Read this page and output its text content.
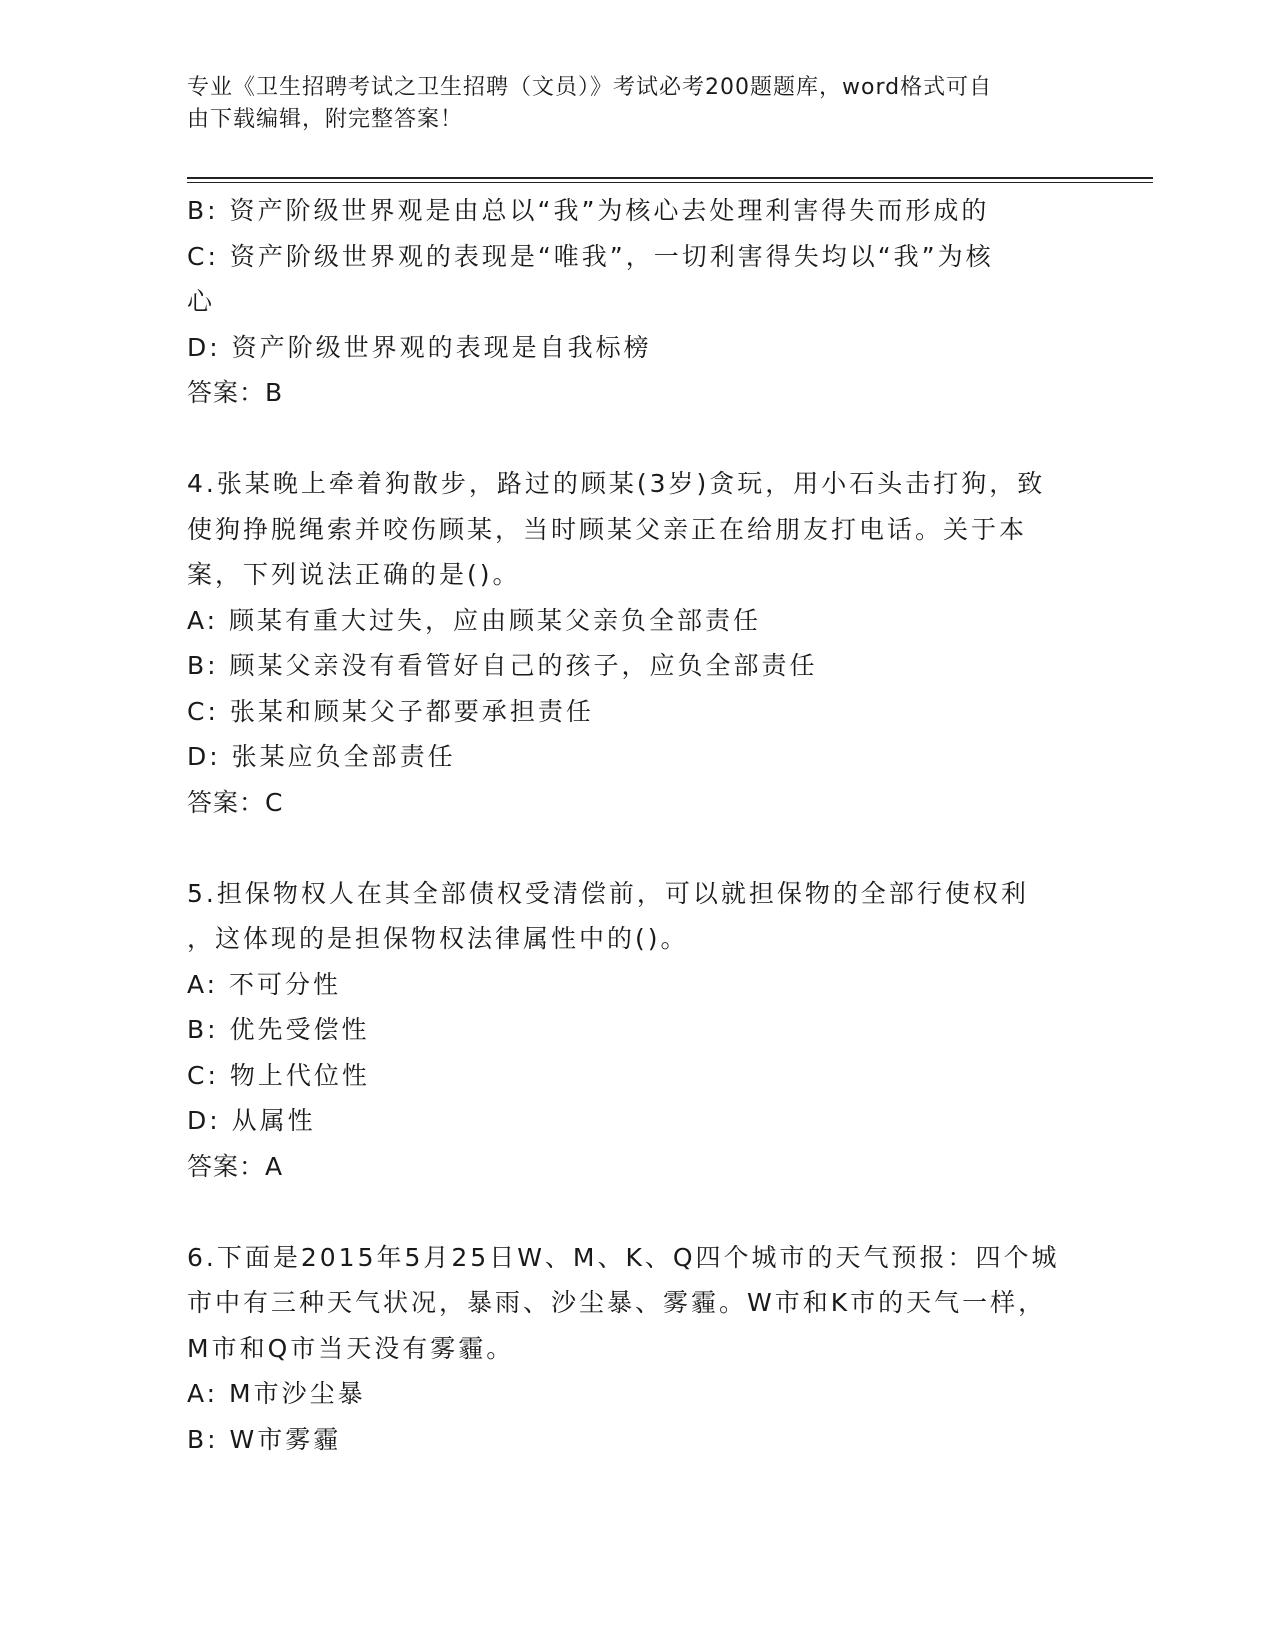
专业《卫生招聘考试之卫生招聘（文员）》考试必考200题题库，word格式可自
由下载编辑，附完整答案！
B: 资产阶级世界观是由总以“我”为核心去处理利害得失而形成的
C: 资产阶级世界观的表现是“唯我”，一切利害得失均以“我”为核
心
D: 资产阶级世界观的表现是自我标榜
答案：B
4.张某晚上牵着狗散步，路过的顾某(3岁)贪玩，用小石头击打狗，致
使狗挣脱绳索并咬伤顾某，当时顾某父亲正在给朋友打电话。关于本
案，下列说法正确的是()。
A: 顾某有重大过失，应由顾某父亲负全部责任
B: 顾某父亲没有看管好自己的孩子，应负全部责任
C: 张某和顾某父子都要承担责任
D: 张某应负全部责任
答案：C
5.担保物权人在其全部债权受清偿前，可以就担保物的全部行使权利
，这体现的是担保物权法律属性中的()。
A: 不可分性
B: 优先受偿性
C: 物上代位性
D: 从属性
答案：A
6.下面是2015年5月25日W、M、K、Q四个城市的天气预报：四个城
市中有三种天气状况，暴雨、沙尘暴、雾霾。W市和K市的天气一样，
M市和Q市当天没有雾霾。
A: M市沙尘暴
B: W市雾霾
